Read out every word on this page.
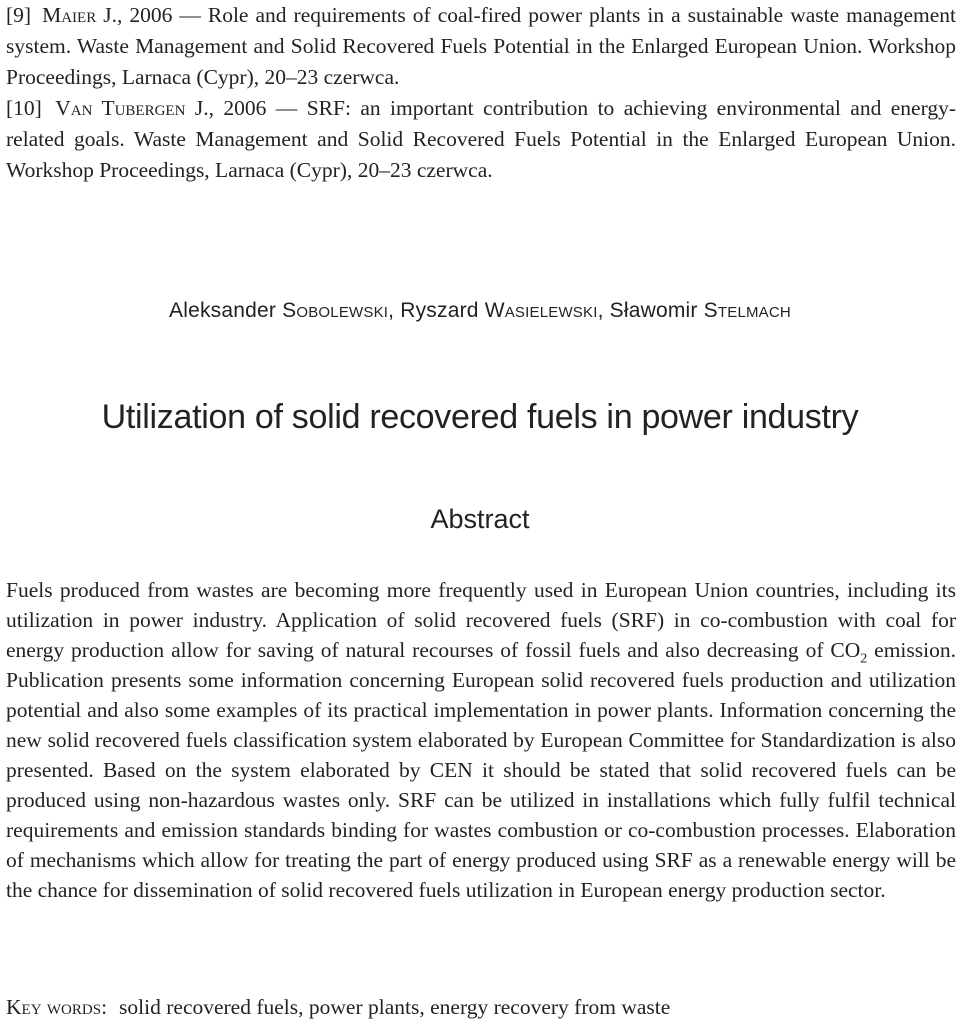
[9] Maier J., 2006 — Role and requirements of coal-fired power plants in a sustainable waste management system. Waste Management and Solid Recovered Fuels Potential in the Enlarged European Union. Workshop Proceedings, Larnaca (Cypr), 20–23 czerwca.
[10] Van Tubergen J., 2006 — SRF: an important contribution to achieving environmental and energy-related goals. Waste Management and Solid Recovered Fuels Potential in the Enlarged European Union. Workshop Proceedings, Larnaca (Cypr), 20–23 czerwca.
Aleksander Sobolewski, Ryszard Wasielewski, Sławomir Stelmach
Utilization of solid recovered fuels in power industry
Abstract
Fuels produced from wastes are becoming more frequently used in European Union countries, including its utilization in power industry. Application of solid recovered fuels (SRF) in co-combustion with coal for energy production allow for saving of natural recourses of fossil fuels and also decreasing of $CO_2$ emission. Publication presents some information concerning European solid recovered fuels production and utilization potential and also some examples of its practical implementation in power plants. Information concerning the new solid recovered fuels classification system elaborated by European Committee for Standardization is also presented. Based on the system elaborated by CEN it should be stated that solid recovered fuels can be produced using non-hazardous wastes only. SRF can be utilized in installations which fully fulfil technical requirements and emission standards binding for wastes combustion or co-combustion processes. Elaboration of mechanisms which allow for treating the part of energy produced using SRF as a renewable energy will be the chance for dissemination of solid recovered fuels utilization in European energy production sector.
Key words: solid recovered fuels, power plants, energy recovery from waste
